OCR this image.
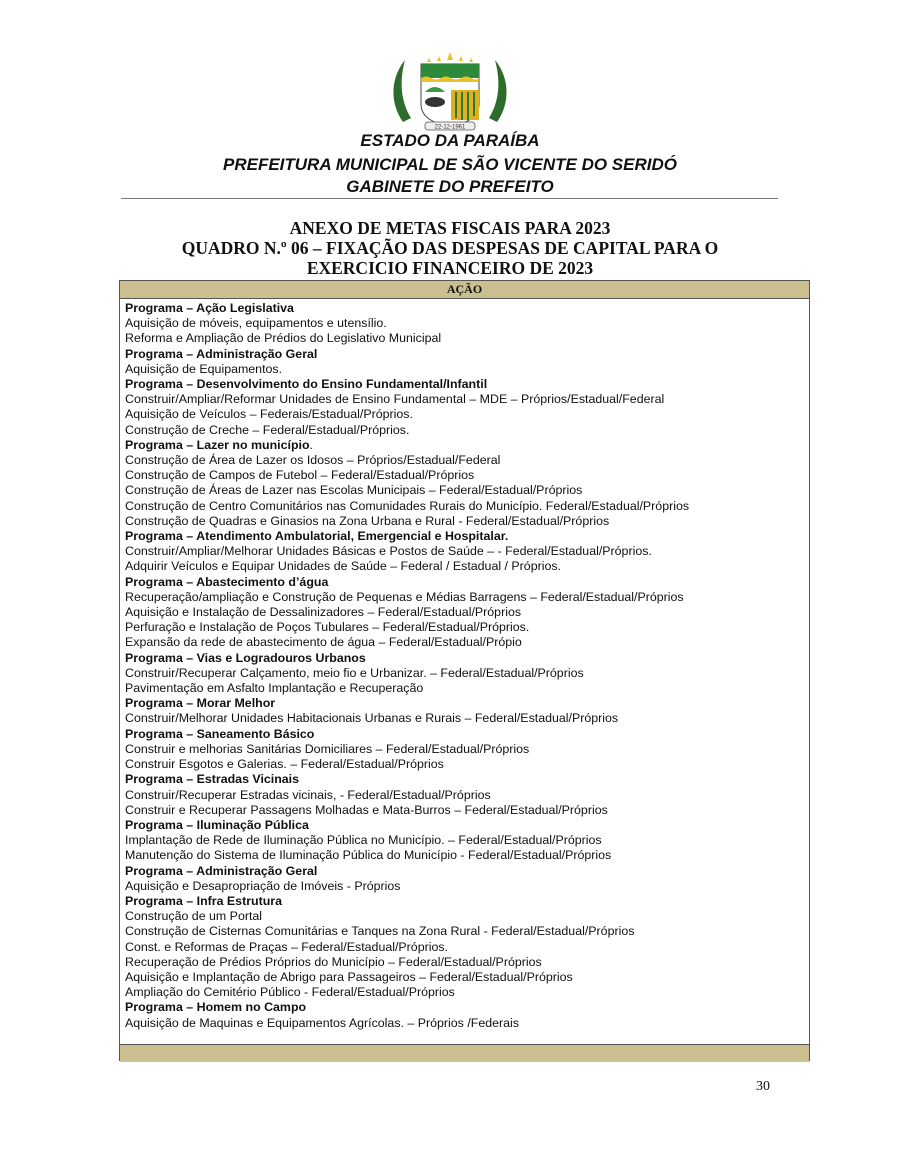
22-12-1961
ESTADO DA PARAÍBA
PREFEITURA MUNICIPAL DE SÃO VICENTE DO SERIDÓ
GABINETE DO PREFEITO
ANEXO DE METAS FISCAIS PARA 2023
QUADRO N.º 06 – FIXAÇÃO DAS DESPESAS DE CAPITAL PARA O
EXERCICIO FINANCEIRO DE 2023
AÇÃO
Programa – Ação Legislativa
Aquisição de móveis, equipamentos e utensílio.
Reforma e Ampliação de Prédios do Legislativo Municipal
Programa – Administração Geral
Aquisição de Equipamentos.
Programa – Desenvolvimento do Ensino Fundamental/Infantil
Construir/Ampliar/Reformar Unidades de Ensino Fundamental – MDE – Próprios/Estadual/Federal
Aquisição de Veículos – Federais/Estadual/Próprios.
Construção de Creche – Federal/Estadual/Próprios.
Programa – Lazer no município.
Construção de Área de Lazer os Idosos – Próprios/Estadual/Federal
Construção de Campos de Futebol – Federal/Estadual/Próprios
Construção de Áreas de Lazer nas Escolas Municipais – Federal/Estadual/Próprios
Construção de Centro Comunitários nas Comunidades Rurais do Município. Federal/Estadual/Próprios
Construção de Quadras e Ginasios na Zona Urbana e Rural - Federal/Estadual/Próprios
Programa – Atendimento Ambulatorial, Emergencial e Hospitalar.
Construir/Ampliar/Melhorar Unidades Básicas e Postos de Saúde – - Federal/Estadual/Próprios.
Adquirir Veículos e Equipar Unidades de Saúde – Federal / Estadual / Próprios.
Programa – Abastecimento d’água
Recuperação/ampliação e Construção de Pequenas e Médias Barragens – Federal/Estadual/Próprios
Aquisição e Instalação de Dessalinizadores – Federal/Estadual/Próprios
Perfuração e Instalação de Poços Tubulares – Federal/Estadual/Próprios.
Expansão da rede de abastecimento de água – Federal/Estadual/Própio
Programa – Vias e Logradouros Urbanos
Construir/Recuperar Calçamento, meio fio e Urbanizar. – Federal/Estadual/Próprios
Pavimentação em Asfalto Implantação e Recuperação
Programa – Morar Melhor
Construir/Melhorar Unidades Habitacionais Urbanas e Rurais – Federal/Estadual/Próprios
Programa – Saneamento Básico
Construir e melhorias Sanitárias Domiciliares – Federal/Estadual/Próprios
Construir Esgotos e Galerias. – Federal/Estadual/Próprios
Programa – Estradas Vicinais
Construir/Recuperar Estradas vicinais, - Federal/Estadual/Próprios
Construir e Recuperar Passagens Molhadas e Mata-Burros – Federal/Estadual/Próprios
Programa – Iluminação Pública
Implantação de Rede de Iluminação Pública no Município. – Federal/Estadual/Próprios
Manutenção do Sistema de Iluminação Pública do Município - Federal/Estadual/Próprios
Programa – Administração Geral
Aquisição e Desapropriação de Imóveis - Próprios
Programa – Infra Estrutura
Construção de um Portal
Construção de Cisternas Comunitárias e Tanques na Zona Rural - Federal/Estadual/Próprios
Const. e Reformas de Praças – Federal/Estadual/Próprios.
Recuperação de Prédios Próprios do Município – Federal/Estadual/Próprios
Aquisição e Implantação de Abrigo para Passageiros – Federal/Estadual/Próprios
Ampliação do Cemitério Público - Federal/Estadual/Próprios
Programa – Homem no Campo
Aquisição de Maquinas e Equipamentos Agrícolas. – Próprios /Federais
30
